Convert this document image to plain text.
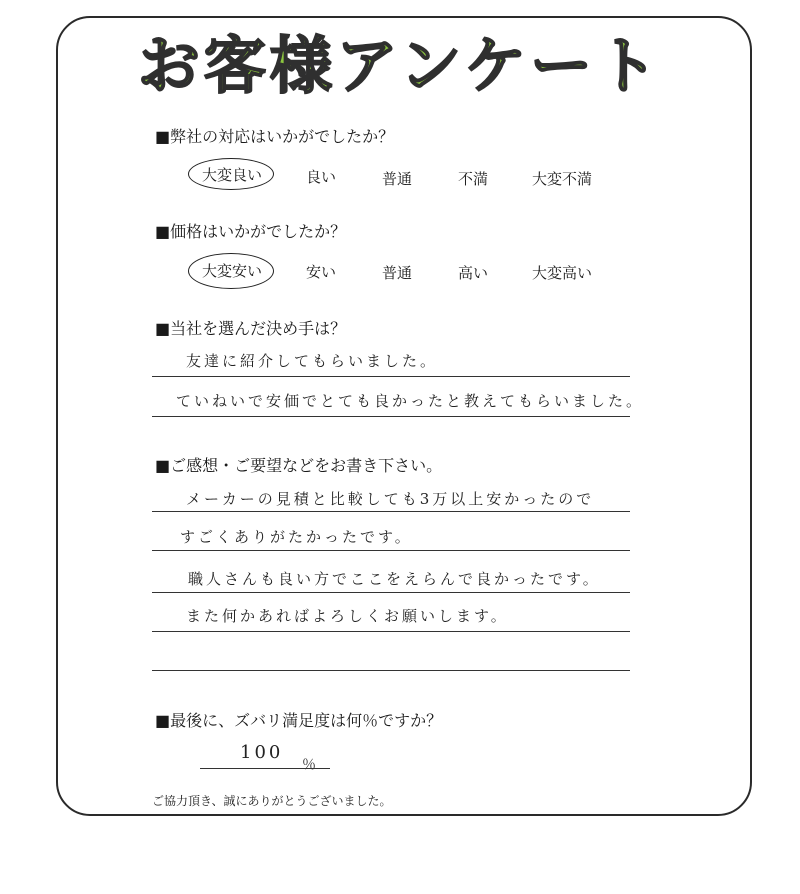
お客様アンケート
■弊社の対応はいかがでしたか？
大変良い	良い	普通	不満	大変不満
■価格はいかがでしたか？
大変安い	安い	普通	高い	大変高い
■当社を選んだ決め手は？
友達に紹介してもらいました。
ていねいで安価でとても良かったと教えてもらいました。
■ご感想・ご要望などをお書き下さい。
メーカーの見積と比較しても3万以上安かったので
すごくありがたかったです。
職人さんも良い方でここをえらんで良かったです。
また何かあればよろしくお願いします。
■最後に、ズバリ満足度は何％ですか？
100
％
ご協力頂き、誠にありがとうございました。
